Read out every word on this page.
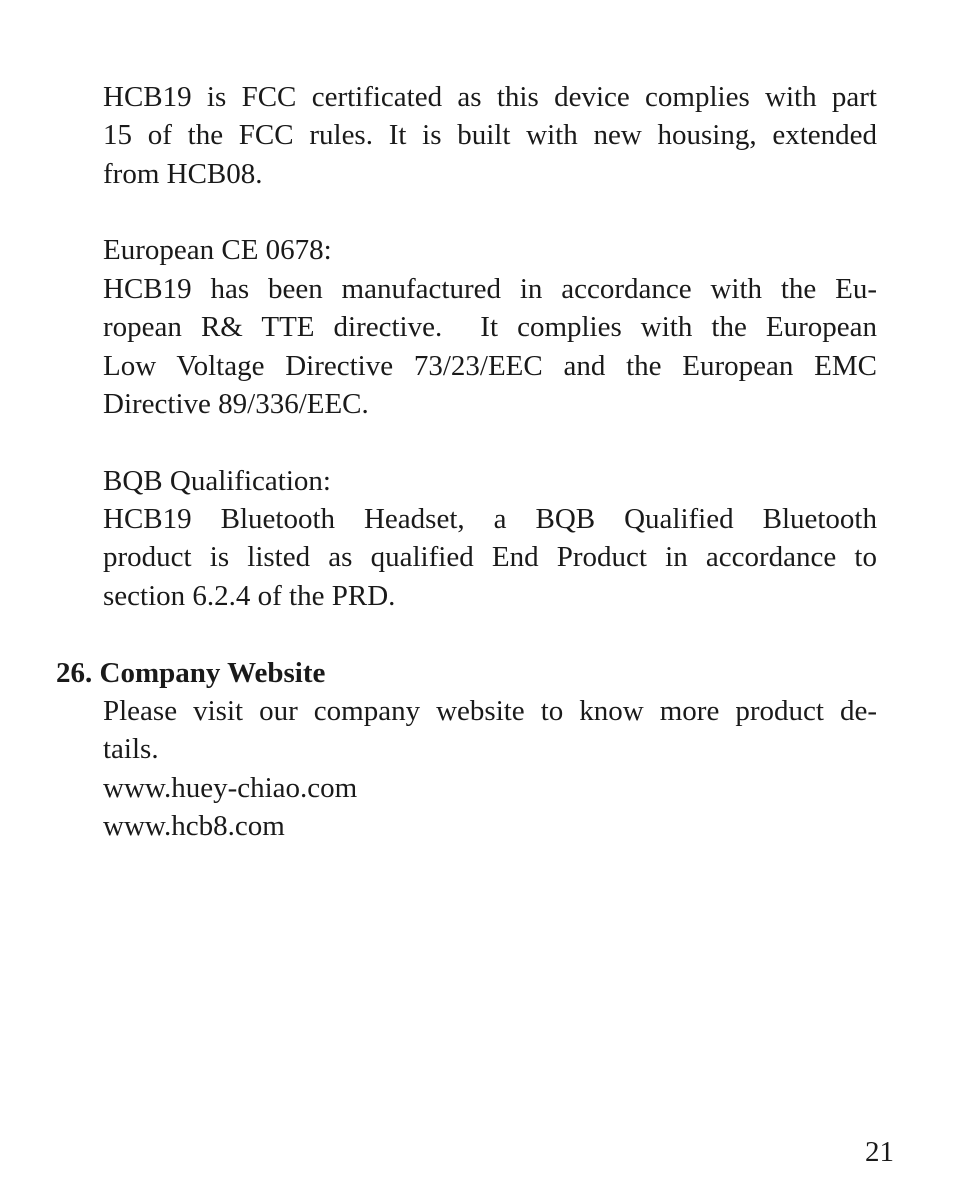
HCB19 is FCC certificated as this device complies with part
15 of the FCC rules. It is built with new housing, extended
from HCB08.

European CE 0678:

HCB19 has been manufactured in accordance with the Eu-
ropean R& TTE directive.  It complies with the European
Low Voltage Directive 73/23/EEC and the European EMC
Directive 89/336/EEC.

BQB Qualification:

HCB19 Bluetooth Headset, a BQB Qualified Bluetooth
product is listed as qualified End Product in accordance to
section 6.2.4 of the PRD.

26. Company Website

Please visit our company website to know more product de-
tails.

www.huey-chiao.com

www.hcb8.com

21
